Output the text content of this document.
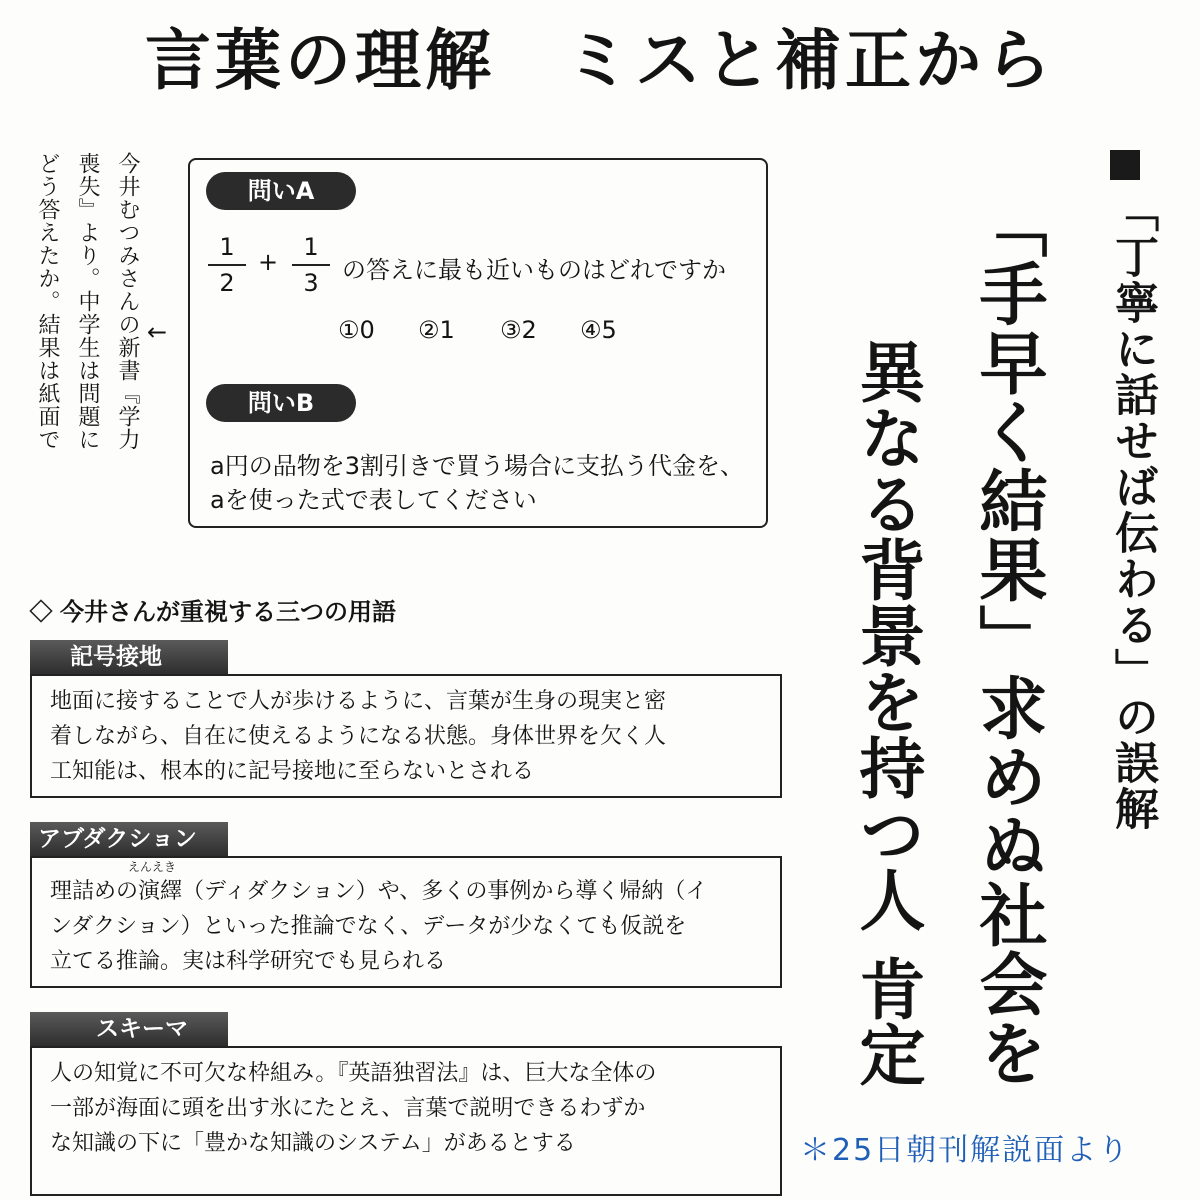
言葉の理解　ミスと補正から
今井むつみさんの新書『学力
喪失』より。中学生は問題に
どう答えたか。結果は紙面で	←
問いA
1
2
+
1
3 の答えに最も近いものはどれですか
①0 ②1 ③2 ④5
問いB
a円の品物を3割引きで買う場合に支払う代金を、
aを使った式で表してください
今井さんが重視する三つの用語
記号接地
地面に接することで人が歩けるように、言葉が生身の現実と密
着しながら、自在に使えるようになる状態。身体世界を欠く人
工知能は、根本的に記号接地に至らないとされる
アブダクション
えんえき
理詰めの演繹（ディダクション）や、多くの事例から導く帰納（イ
ンダクション）といった推論でなく、データが少なくても仮説を
立てる推論。実は科学研究でも見られる
スキーマ
人の知覚に不可欠な枠組み。『英語独習法』は、巨大な全体の
一部が海面に頭を出す氷にたとえ、言葉で説明できるわずか
な知識の下に「豊かな知識のシステム」があるとする
「丁寧に話せば伝わる」の誤解
「手早く結果」求めぬ社会を
異なる背景を持つ人 肯定
＊25日朝刊解説面より
